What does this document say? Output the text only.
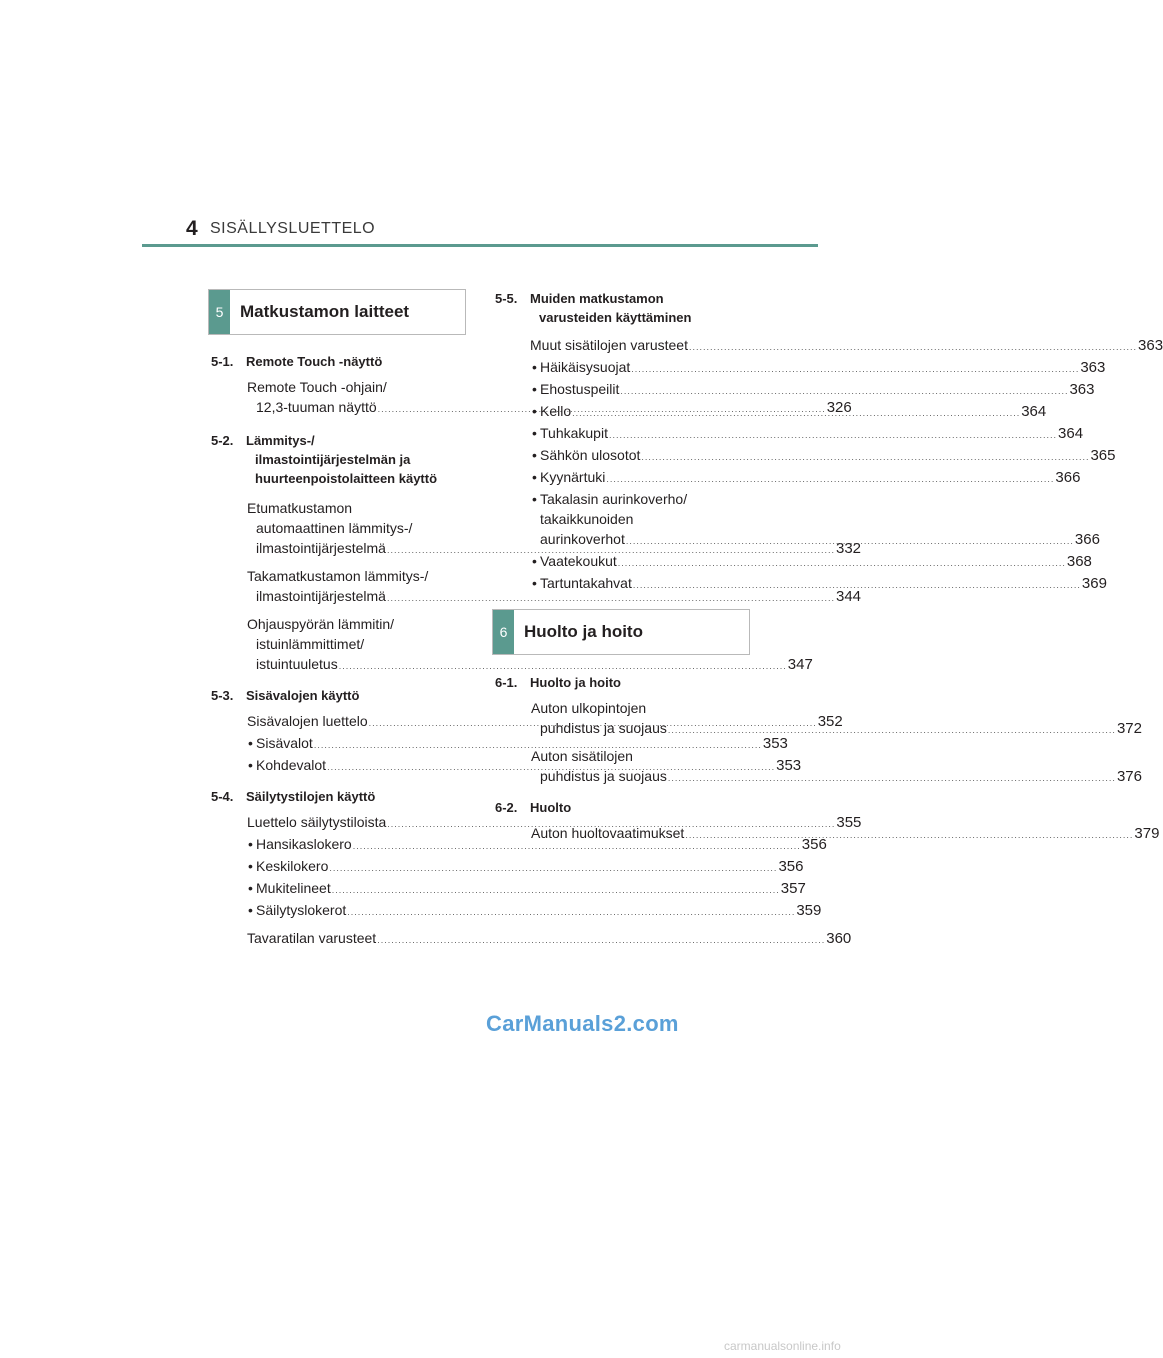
4 SISÄLLYSLUETTELO
5 Matkustamon laitteet
5-1. Remote Touch -näyttö
Remote Touch -ohjain/
12,3-tuuman näyttö .....	326
5-2. Lämmitys-/
ilmastointijärjestelmän ja
huurteenpoistolaitteen käyttö
Etumatkustamon
automaattinen lämmitys-/
ilmastointijärjestelmä .....	332
Takamatkustamon lämmitys-/
ilmastointijärjestelmä .....	344
Ohjauspyörän lämmitin/
istuinlämmittimet/
istuintuuletus .....	347
5-3. Sisävalojen käyttö
Sisävalojen luettelo .....	352
• Sisävalot .....	353
• Kohdevalot .....	353
5-4. Säilytystilojen käyttö
Luettelo säilytystiloista .....	355
• Hansikaslokero .....	356
• Keskilokero .....	356
• Mukitelineet .....	357
• Säilytyslokerot .....	359
Tavaratilan varusteet .....	360
5-5. Muiden matkustamon
varusteiden käyttäminen
Muut sisätilojen varusteet .....	363
• Häikäisysuojat .....	363
• Ehostuspeilit .....	363
• Kello .....	364
• Tuhkakupit .....	364
• Sähkön ulosotot .....	365
• Kyynärtuki .....	366
• Takalasin aurinkoverho/
takaikkunoiden
aurinkoverhot .....	366
• Vaatekoukut .....	368
• Tartuntakahvat .....	369
6 Huolto ja hoito
6-1. Huolto ja hoito
Auton ulkopintojen
puhdistus ja suojaus .....	372
Auton sisätilojen
puhdistus ja suojaus .....	376
6-2. Huolto
Auton huoltovaatimukset .....	379
CarManuals2.com
carmanualsonline.info
